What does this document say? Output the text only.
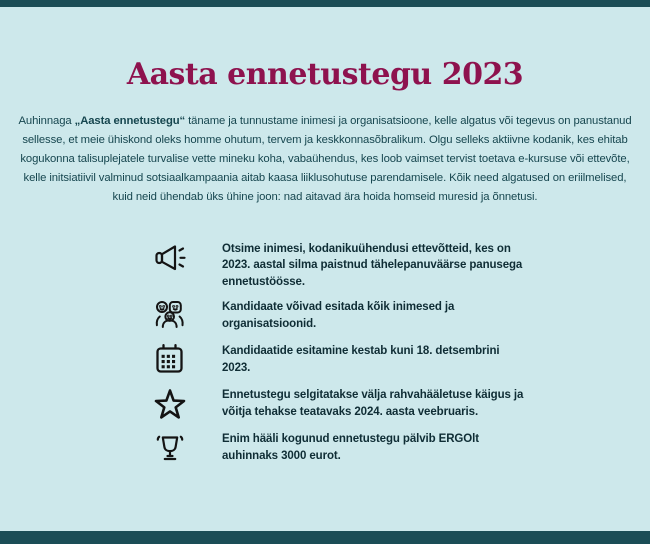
Aasta ennetustegu 2023

Auhinnaga „Aasta ennetustegu“ täname ja tunnustame inimesi ja organisatsioone, kelle algatus või tegevus on panustanud sellesse, et meie ühiskond oleks homme ohutum, tervem ja keskkonnasõbralikum. Olgu selleks aktiivne kodanik, kes ehitab kogukonna talisuplejatele turvalise vette mineku koha, vabaühendus, kes loob vaimset tervist toetava e-kursuse või ettevõte, kelle initsiatiivil valminud sotsiaalkampaania aitab kaasa liiklusohutuse parendamisele. Kõik need algatused on eriilmelised, kuid neid ühendab üks ühine joon: nad aitavad ära hoida homseid muresid ja õnnetusi.

Otsime inimesi, kodanikuühendusi ettevõtteid, kes on 2023. aastal silma paistnud tähelepanuväärse panusega ennetustöösse.
Kandidaate võivad esitada kõik inimesed ja organisatsioonid.
Kandidaatide esitamine kestab kuni 18. detsembrini 2023.
Ennetustegu selgitatakse välja rahvahääletuse käigus ja võitja tehakse teatavaks 2024. aasta veebruaris.
Enim hääli kogunud ennetustegu pälvib ERGOlt auhinnaks 3000 eurot.
